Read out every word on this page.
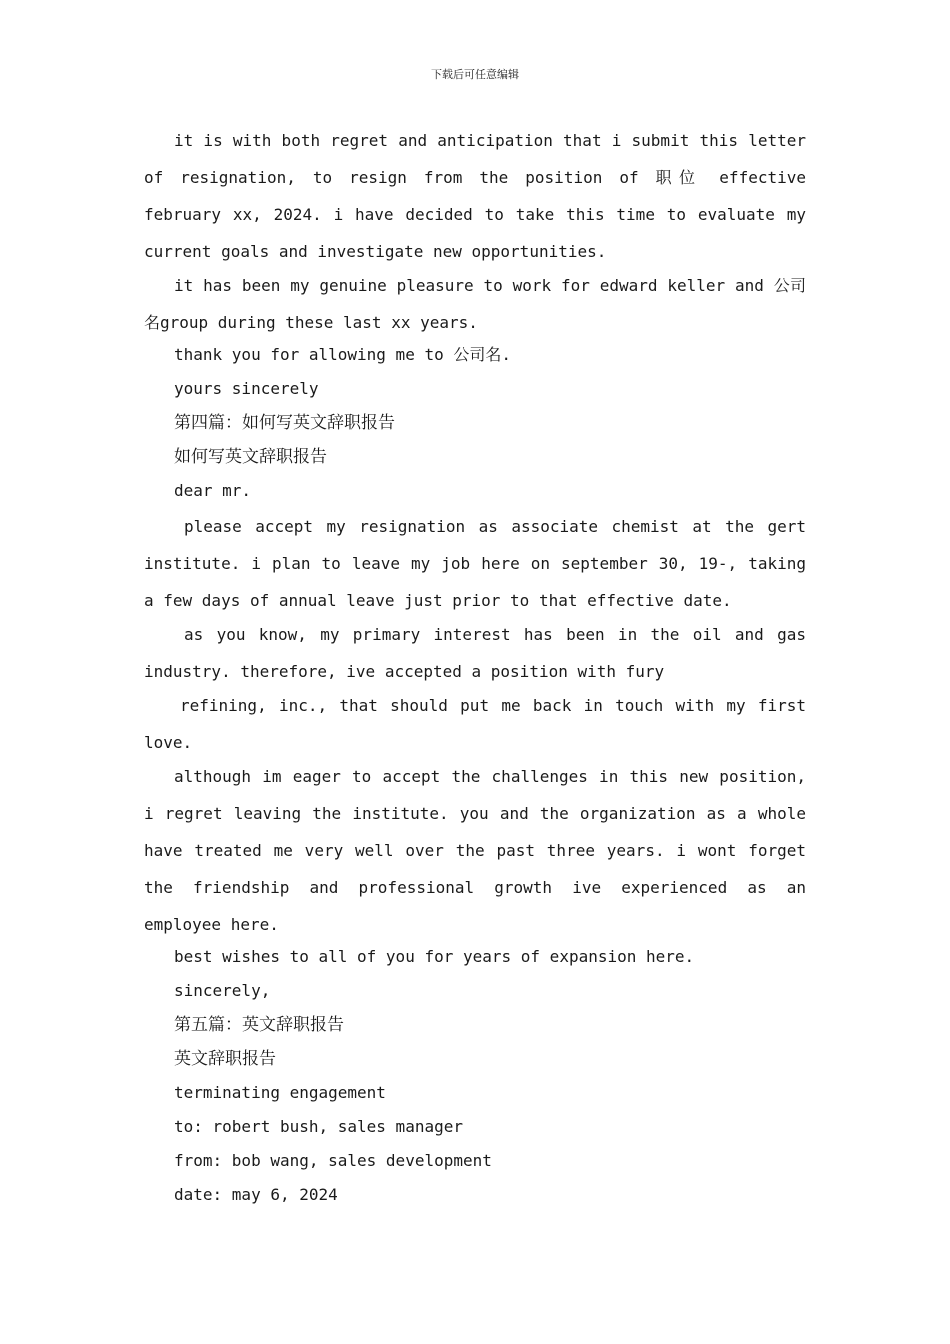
下载后可任意编辑

it is with both regret and anticipation that i submit this letter of resignation, to resign from the position of 职位 effective february xx, 2024. i have decided to take this time to evaluate my current goals and investigate new opportunities.

it has been my genuine pleasure to work for edward keller and 公司名group during these last xx years.

thank you for allowing me to 公司名.

yours sincerely

第四篇：如何写英文辞职报告

如何写英文辞职报告

dear mr.

please accept my resignation as associate chemist at the gert institute. i plan to leave my job here on september 30, 19-, taking a few days of annual leave just prior to that effective date.

as you know, my primary interest has been in the oil and gas industry. therefore, ive accepted a position with fury

refining, inc., that should put me back in touch with my first love.

although im eager to accept the challenges in this new position, i regret leaving the institute. you and the organization as a whole have treated me very well over the past three years. i wont forget the friendship and professional growth ive experienced as an employee here.

best wishes to all of you for years of expansion here.

sincerely,

第五篇：英文辞职报告

英文辞职报告

terminating engagement

to: robert bush, sales manager

from: bob wang, sales development

date: may 6, 2024
